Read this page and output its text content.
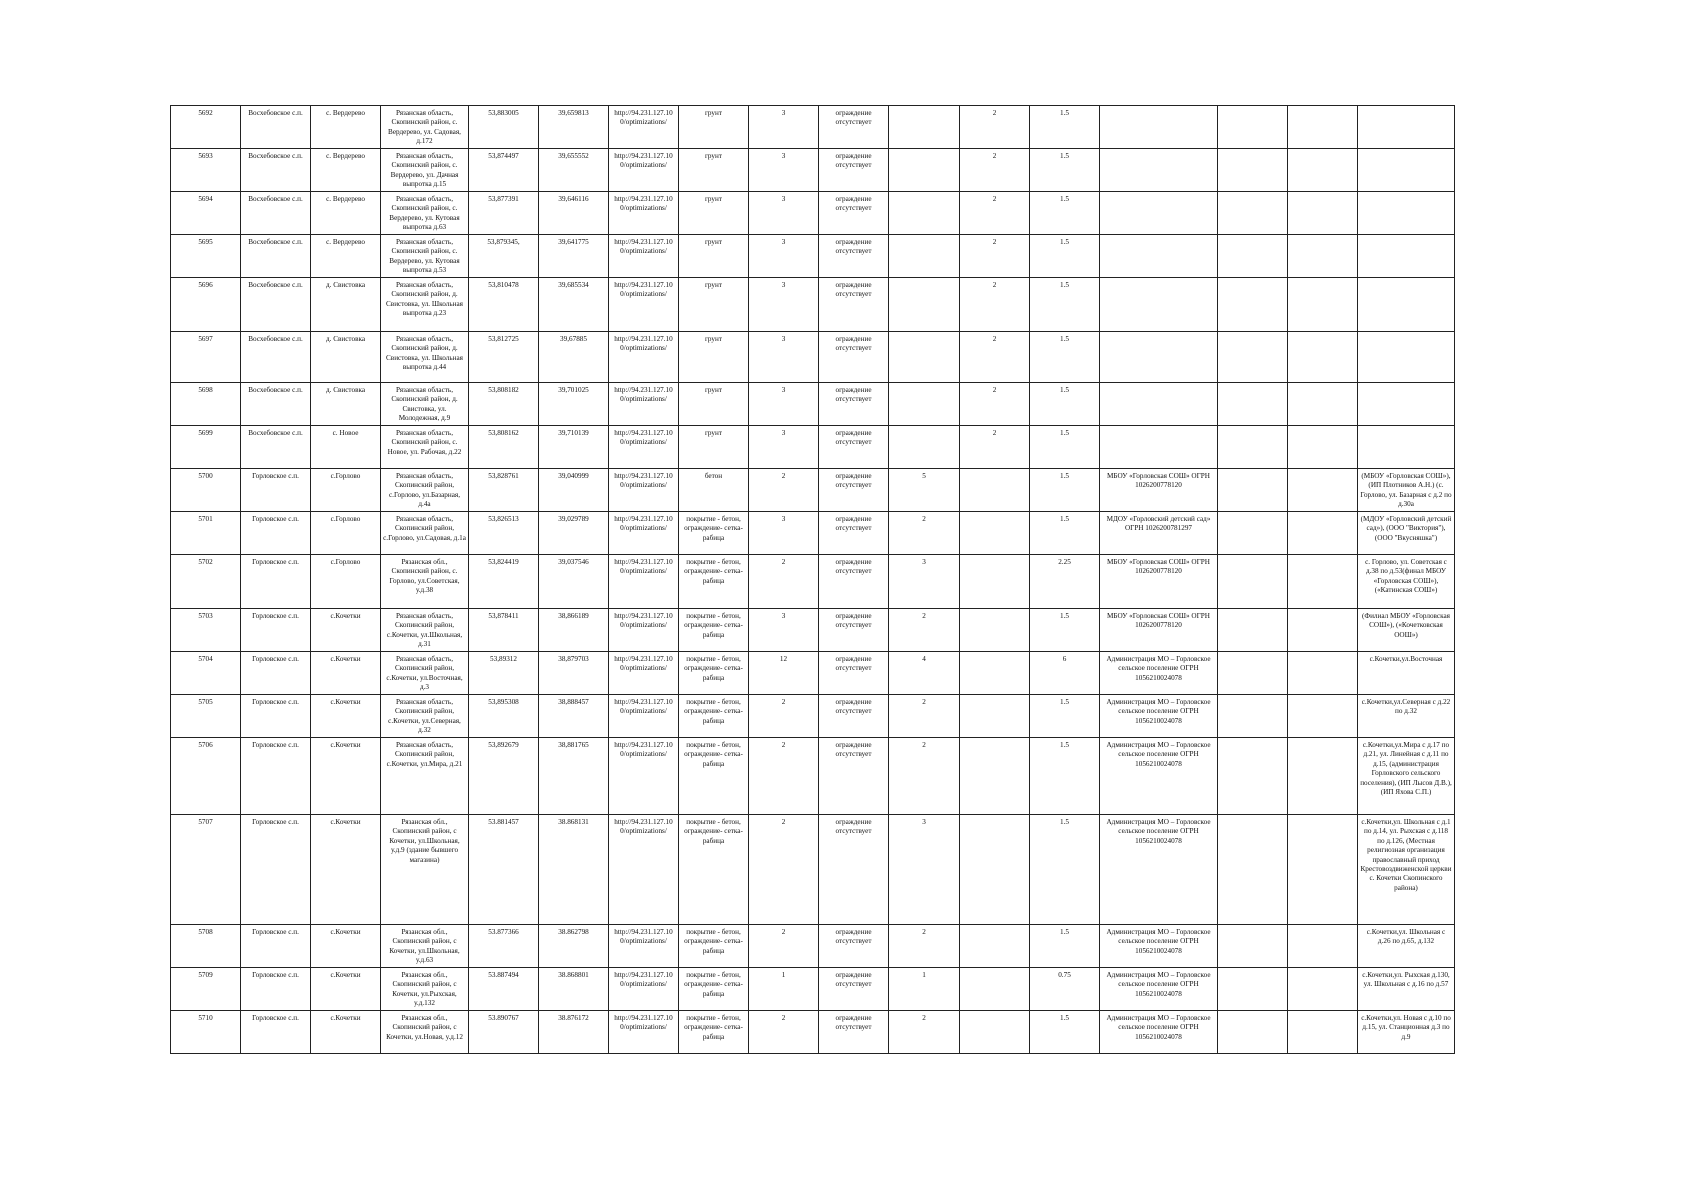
5692	Восхебовское с.п.	с. Вердерево	Рязанская область, Скопинский район, с. Вердерево, ул. Садовая, д.172	53,883005	39,659813	http://94.231.127.10 0/optimizations/	грунт	3	ограждение отсутствует		2	1.5				
5693	Восхебовское с.п.	с. Вердерево	Рязанская область, Скопинский район, с. Вердерево, ул. Дачная выпротка д.15	53,874497	39,655552	http://94.231.127.10 0/optimizations/	грунт	3	ограждение отсутствует		2	1.5				
5694	Восхебовское с.п.	с. Вердерево	Рязанская область, Скопинский район, с. Вердерево, ул. Кутовая выпротка д.63	53,877391	39,646116	http://94.231.127.10 0/optimizations/	грунт	3	ограждение отсутствует		2	1.5				
5695	Восхебовское с.п.	с. Вердерево	Рязанская область, Скопинский район, с. Вердерево, ул. Кутовая выпротка д.53	53,879345,	39,641775	http://94.231.127.10 0/optimizations/	грунт	3	ограждение отсутствует		2	1.5				
5696	Восхебовское с.п.	д. Свистовка	Рязанская область, Скопинский район, д. Свистовка, ул. Школьная выпротка д.23	53,810478	39,685534	http://94.231.127.10 0/optimizations/	грунт	3	ограждение отсутствует		2	1.5				
5697	Восхебовское с.п.	д. Свистовка	Рязанская область, Скопинский район, д. Свистовка, ул. Школьная выпротка д.44	53,812725	39,67885	http://94.231.127.10 0/optimizations/	грунт	3	ограждение отсутствует		2	1.5				
5698	Восхебовское с.п.	д. Свистовка	Рязанская область, Скопинский район, д. Свистовка, ул. Молодежная, д.9	53,808182	39,701025	http://94.231.127.10 0/optimizations/	грунт	3	ограждение отсутствует		2	1.5				
5699	Восхебовское с.п.	с. Новое	Рязанская область, Скопинский район, с. Новое, ул. Рабочая, д.22	53,808162	39,710139	http://94.231.127.10 0/optimizations/	грунт	3	ограждение отсутствует		2	1.5				
5700	Горловское с.п.	с.Горлово	Рязанская область, Скопинский район, с.Горлово, ул.Базарная, д.4а	53,828761	39,040999	http://94.231.127.10 0/optimizations/	бетон	2	ограждение отсутствует	5		1.5	МБОУ «Горловская СОШ» ОГРН 1026200778120			(МБОУ «Горловская СОШ»), (ИП Плотников А.Н.) (с. Горлово, ул. Базарная с д.2 по д.30а
5701	Горловское с.п.	с.Горлово	Рязанская область, Скопинский район, с.Горлово, ул.Садовая, д.1а	53,826513	39,029789	http://94.231.127.10 0/optimizations/	покрытие - бетон, ограждение- сетка-рабица	3	ограждение отсутствует	2		1.5	МДОУ «Горловский детский сад» ОГРН 1026200781297			(МДОУ «Горловский детский сад»), (ООО "Виктория"), (ООО "Вкусняшка")
5702	Горловское с.п.	с.Горлово	Рязанская обл., Скопинский район, с. Горлово, ул.Советская, у.д.38	53,824419	39,037546	http://94.231.127.10 0/optimizations/	покрытие - бетон, ограждение- сетка-рабица	2	ограждение отсутствует	3		2.25	МБОУ «Горловская СОШ» ОГРН 1026200778120			с. Горлово, ул. Советская с д.38 по д.53(финал МБОУ «Горловская СОШ»), («Катинская СОШ»)
5703	Горловское с.п.	с.Кочетки	Рязанская область, Скопинский район, с.Кочетки, ул.Школьная, д.31	53,878411	38,866189	http://94.231.127.10 0/optimizations/	покрытие - бетон, ограждение- сетка-рабица	3	ограждение отсутствует	2		1.5	МБОУ «Горловская СОШ» ОГРН 1026200778120			(Филиал МБОУ «Горловская СОШ»), («Кочетковская ООШ»)
5704	Горловское с.п.	с.Кочетки	Рязанская область, Скопинский район, с.Кочетки, ул.Восточная, д.3	53,89312	38,879703	http://94.231.127.10 0/optimizations/	покрытие - бетон, ограждение- сетка-рабица	12	ограждение отсутствует	4		6	Администрация МО – Горловское сельское поселение ОГРН 1056210024078			с.Кочетки,ул.Восточная
5705	Горловское с.п.	с.Кочетки	Рязанская область, Скопинский район, с.Кочетки, ул.Северная, д.32	53,895308	38,888457	http://94.231.127.10 0/optimizations/	покрытие - бетон, ограждение- сетка-рабица	2	ограждение отсутствует	2		1.5	Администрация МО – Горловское сельское поселение ОГРН 1056210024078			с.Кочетки,ул.Северная с д.22 по д.32
5706	Горловское с.п.	с.Кочетки	Рязанская область, Скопинский район, с.Кочетки, ул.Мира, д.21	53,892679	38,881765	http://94.231.127.10 0/optimizations/	покрытие - бетон, ограждение- сетка-рабица	2	ограждение отсутствует	2		1.5	Администрация МО – Горловское сельское поселение ОГРН 1056210024078			с.Кочетки,ул.Мира с д.17 по д.21, ул. Линейная с д.11 по д.15, (администрация Горловского сельского поселения), (ИП Лысов Д.В.), (ИП Яхова С.П.)
5707	Горловское с.п.	с.Кочетки	Рязанская обл., Скопинский район, с Кочетки, ул.Школьная, у.д.9 (здание бывшего магазина)	53.881457	38.868131	http://94.231.127.10 0/optimizations/	покрытие - бетон, ограждение- сетка-рабица	2	ограждение отсутствует	3		1.5	Администрация МО – Горловское сельское поселение ОГРН 1056210024078			с.Кочетки,ул. Школьная с д.1 по д.14, ул. Рыхская с д.118 по д.126, (Местная религиозная организация православный приход Крестовоздвиженской церкви с. Кочетки Скопинского района)
5708	Горловское с.п.	с.Кочетки	Рязанская обл., Скопинский район, с Кочетки, ул.Школьная, у.д.63	53.877366	38.862798	http://94.231.127.10 0/optimizations/	покрытие - бетон, ограждение- сетка-рабица	2	ограждение отсутствует	2		1.5	Администрация МО – Горловское сельское поселение ОГРН 1056210024078			с.Кочетки,ул. Школьная с д.26 по д.65, д.132
5709	Горловское с.п.	с.Кочетки	Рязанская обл., Скопинский район, с Кочетки, ул.Рыхская, у.д.132	53.887494	38.868801	http://94.231.127.10 0/optimizations/	покрытие - бетон, ограждение- сетка-рабица	1	ограждение отсутствует	1		0.75	Администрация МО – Горловское сельское поселение ОГРН 1056210024078			с.Кочетки,ул. Рыхская д.130, ул. Школьная с д.16 по д.57
5710	Горловское с.п.	с.Кочетки	Рязанская обл., Скопинский район, с Кочетки, ул.Новая, у.д.12	53.890767	38.876172	http://94.231.127.10 0/optimizations/	покрытие - бетон, ограждение- сетка-рабица	2	ограждение отсутствует	2		1.5	Администрация МО – Горловское сельское поселение ОГРН 1056210024078			с.Кочетки,ул. Новая с д.10 по д.15, ул. Станционная д.3 по д.9
